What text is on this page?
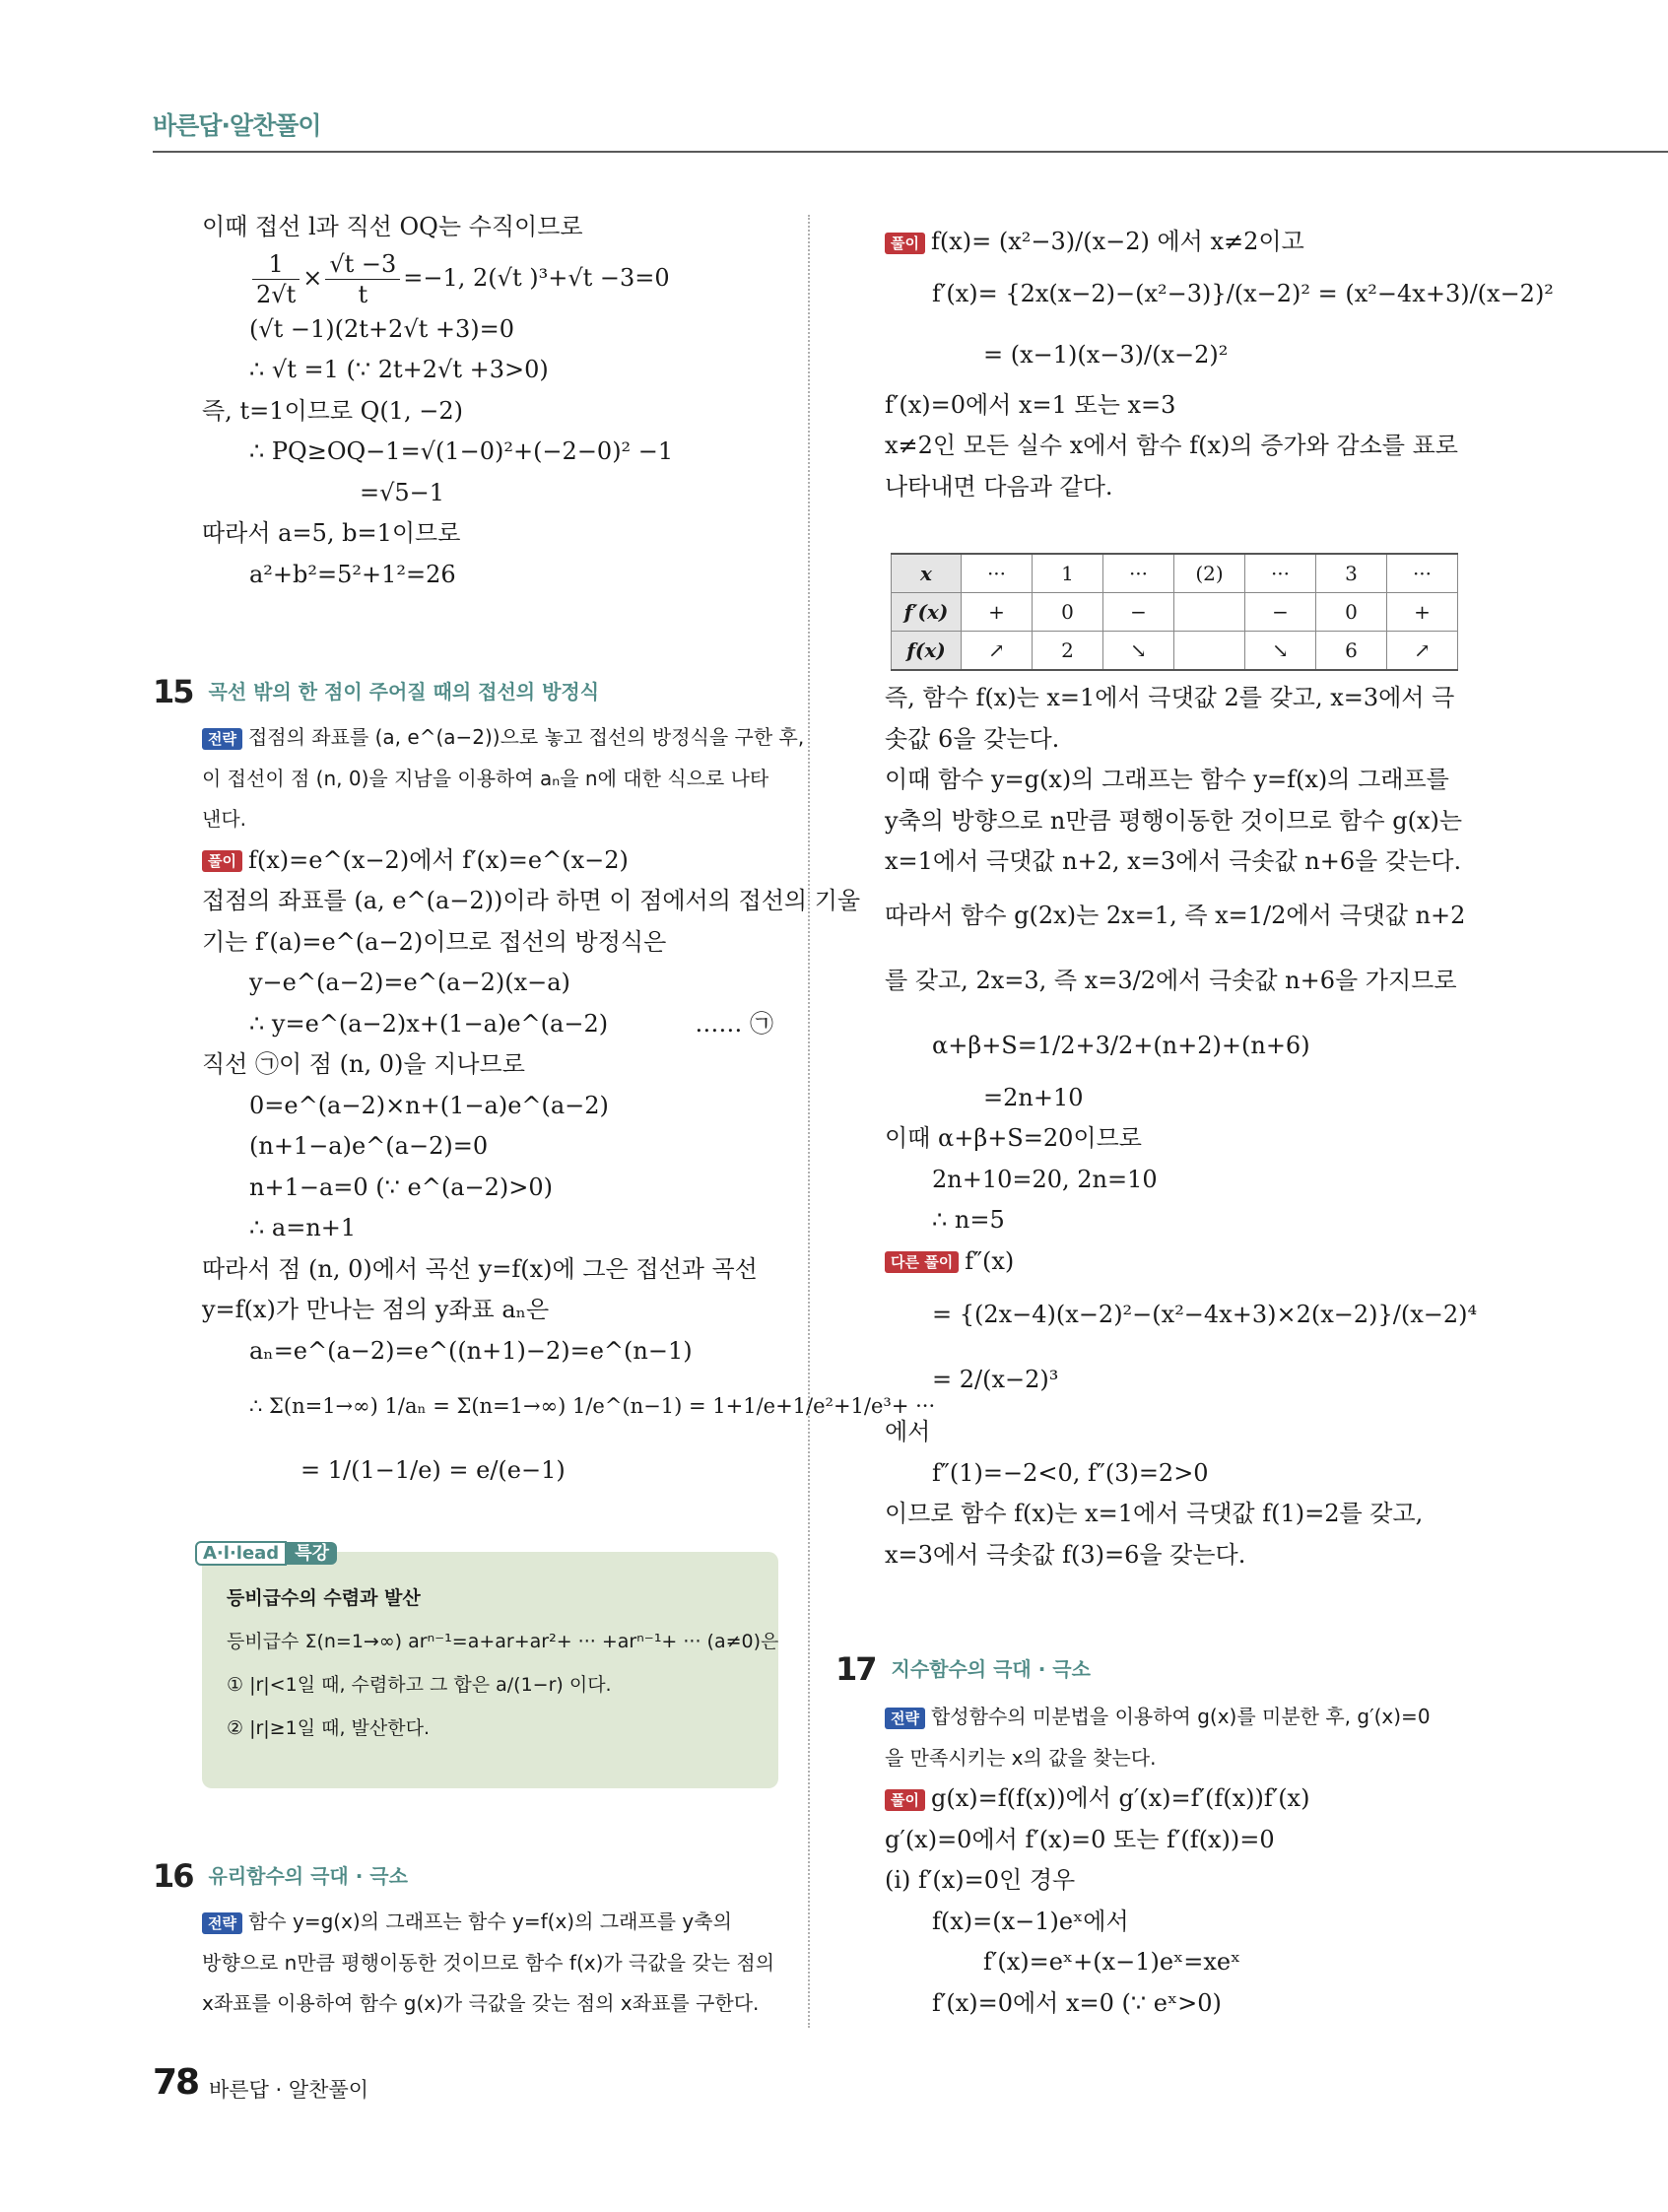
바른답·알찬풀이
이때 접선 l과 직선 OQ는 수직이므로
$\frac{1}{2√t} \times \frac{√t -3}{t} =-1$, 2(√t )³+√t −3=0
(√t −1)(2t+2√t +3)=0
∴ √t =1 (∵ 2t+2√t +3>0)
즉, t=1이므로 Q(1, −2)
∴ PQ≥OQ−1=√(1−0)²+(−2−0)² −1
=√5−1
따라서 a=5, b=1이므로
a²+b²=5²+1²=26
15 곡선 밖의 한 점이 주어질 때의 접선의 방정식
전략 접점의 좌표를 (a, e^(a−2))으로 놓고 접선의 방정식을 구한 후,
이 접선이 점 (n, 0)을 지남을 이용하여 aₙ을 n에 대한 식으로 나타
낸다.
풀이 f(x)=e^(x−2)에서 f′(x)=e^(x−2)
접점의 좌표를 (a, e^(a−2))이라 하면 이 점에서의 접선의 기울
기는 f′(a)=e^(a−2)이므로 접선의 방정식은
y−e^(a−2)=e^(a−2)(x−a)
∴ y=e^(a−2)x+(1−a)e^(a−2)	…… ㉠
직선 ㉠이 점 (n, 0)을 지나므로
0=e^(a−2)×n+(1−a)e^(a−2)
(n+1−a)e^(a−2)=0
n+1−a=0 (∵ e^(a−2)>0)
∴ a=n+1
따라서 점 (n, 0)에서 곡선 y=f(x)에 그은 접선과 곡선
y=f(x)가 만나는 점의 y좌표 aₙ은
aₙ=e^(a−2)=e^((n+1)−2)=e^(n−1)
∴ Σ(n=1→∞) 1/aₙ = Σ(n=1→∞) 1/e^(n−1) = 1+1/e+1/e²+1/e³+ ···
= 1/(1−1/e) = e/(e−1)
A·l·lead 특강
등비급수의 수렴과 발산
등비급수 Σ(n=1→∞) arⁿ⁻¹=a+ar+ar²+ ··· +arⁿ⁻¹+ ··· (a≠0)은
① |r|<1일 때, 수렴하고 그 합은 a/(1−r) 이다.
② |r|≥1일 때, 발산한다.
16 유리함수의 극대 · 극소
전략 함수 y=g(x)의 그래프는 함수 y=f(x)의 그래프를 y축의
방향으로 n만큼 평행이동한 것이므로 함수 f(x)가 극값을 갖는 점의
x좌표를 이용하여 함수 g(x)가 극값을 갖는 점의 x좌표를 구한다.
풀이 f(x)= (x²−3)/(x−2) 에서 x≠2이고
f′(x)= {2x(x−2)−(x²−3)}/(x−2)² = (x²−4x+3)/(x−2)²
= (x−1)(x−3)/(x−2)²
f′(x)=0에서 x=1 또는 x=3
x≠2인 모든 실수 x에서 함수 f(x)의 증가와 감소를 표로
나타내면 다음과 같다.
x	···	1	···	(2)	···	3	···
f′(x)	+	0	−		−	0	+
f(x)	↗	2	↘		↘	6	↗
즉, 함수 f(x)는 x=1에서 극댓값 2를 갖고, x=3에서 극
솟값 6을 갖는다.
이때 함수 y=g(x)의 그래프는 함수 y=f(x)의 그래프를
y축의 방향으로 n만큼 평행이동한 것이므로 함수 g(x)는
x=1에서 극댓값 n+2, x=3에서 극솟값 n+6을 갖는다.
따라서 함수 g(2x)는 2x=1, 즉 x=1/2에서 극댓값 n+2
를 갖고, 2x=3, 즉 x=3/2에서 극솟값 n+6을 가지므로
α+β+S=1/2+3/2+(n+2)+(n+6)
=2n+10
이때 α+β+S=20이므로
2n+10=20, 2n=10
∴ n=5
다른 풀이 f″(x)
= {(2x−4)(x−2)²−(x²−4x+3)×2(x−2)}/(x−2)⁴
= 2/(x−2)³
에서
f″(1)=−2<0, f″(3)=2>0
이므로 함수 f(x)는 x=1에서 극댓값 f(1)=2를 갖고,
x=3에서 극솟값 f(3)=6을 갖는다.
17 지수함수의 극대 · 극소
전략 합성함수의 미분법을 이용하여 g(x)를 미분한 후, g′(x)=0
을 만족시키는 x의 값을 찾는다.
풀이 g(x)=f(f(x))에서 g′(x)=f′(f(x))f′(x)
g′(x)=0에서 f′(x)=0 또는 f′(f(x))=0
(i) f′(x)=0인 경우
f(x)=(x−1)eˣ에서
f′(x)=eˣ+(x−1)eˣ=xeˣ
f′(x)=0에서 x=0 (∵ eˣ>0)
78 바른답 · 알찬풀이
